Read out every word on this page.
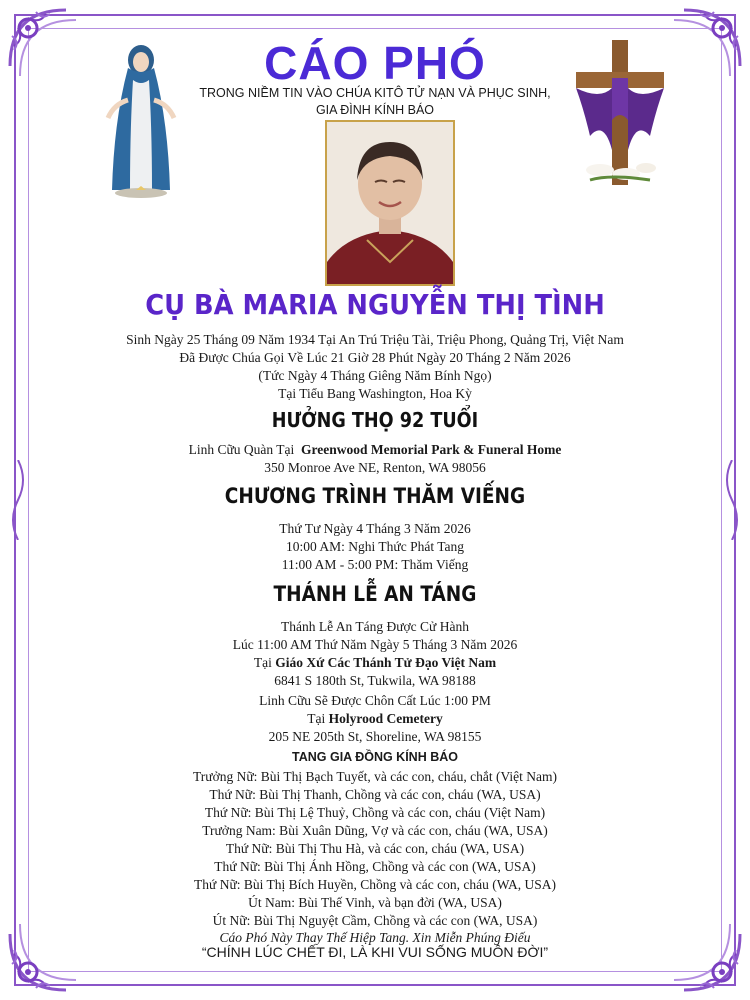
CÁO PHÓ
TRONG NIỀM TIN VÀO CHÚA KITÔ TỬ NẠN VÀ PHỤC SINH,
GIA ĐÌNH KÍNH BÁO
CỤ BÀ MARIA NGUYỄN THỊ TÌNH
Sinh Ngày 25 Tháng 09 Năm 1934 Tại An Trú Triệu Tài, Triệu Phong, Quảng Trị, Việt Nam
Đã Được Chúa Gọi Về Lúc 21 Giờ 28 Phút Ngày 20 Tháng 2 Năm 2026
(Tức Ngày 4 Tháng Giêng Năm Bính Ngọ)
Tại Tiểu Bang Washington, Hoa Kỳ
HƯỞNG THỌ 92 TUỔI
Linh Cữu Quàn Tại Greenwood Memorial Park & Funeral Home
350 Monroe Ave NE, Renton, WA 98056
CHƯƠNG TRÌNH THĂM VIẾNG
Thứ Tư Ngày 4 Tháng 3 Năm 2026
10:00 AM: Nghi Thức Phát Tang
11:00 AM - 5:00 PM: Thăm Viếng
THÁNH LỄ AN TÁNG
Thánh Lễ An Táng Được Cử Hành
Lúc 11:00 AM Thứ Năm Ngày 5 Tháng 3 Năm 2026
Tại Giáo Xứ Các Thánh Tử Đạo Việt Nam
6841 S 180th St, Tukwila, WA 98188
Linh Cữu Sẽ Được Chôn Cất Lúc 1:00 PM
Tại Holyrood Cemetery
205 NE 205th St, Shoreline, WA 98155
TANG GIA ĐỒNG KÍNH BÁO
Trưởng Nữ: Bùi Thị Bạch Tuyết, và các con, cháu, chắt (Việt Nam)
Thứ Nữ: Bùi Thị Thanh, Chồng và các con, cháu (WA, USA)
Thứ Nữ: Bùi Thị Lệ Thuỷ, Chồng và các con, cháu (Việt Nam)
Trưởng Nam: Bùi Xuân Dũng, Vợ và các con, cháu (WA, USA)
Thứ Nữ: Bùi Thị Thu Hà, và các con, cháu (WA, USA)
Thứ Nữ: Bùi Thị Ánh Hồng, Chồng và các con (WA, USA)
Thứ Nữ: Bùi Thị Bích Huyền, Chồng và các con, cháu (WA, USA)
Út Nam: Bùi Thế Vinh, và bạn đời (WA, USA)
Út Nữ: Bùi Thị Nguyệt Cầm, Chồng và các con (WA, USA)
Cáo Phó Này Thay Thế Hiệp Tang. Xin Miễn Phúng Điếu
“CHÍNH LÚC CHẾT ĐI, LÀ KHI VUI SỐNG MUÔN ĐỜI”
